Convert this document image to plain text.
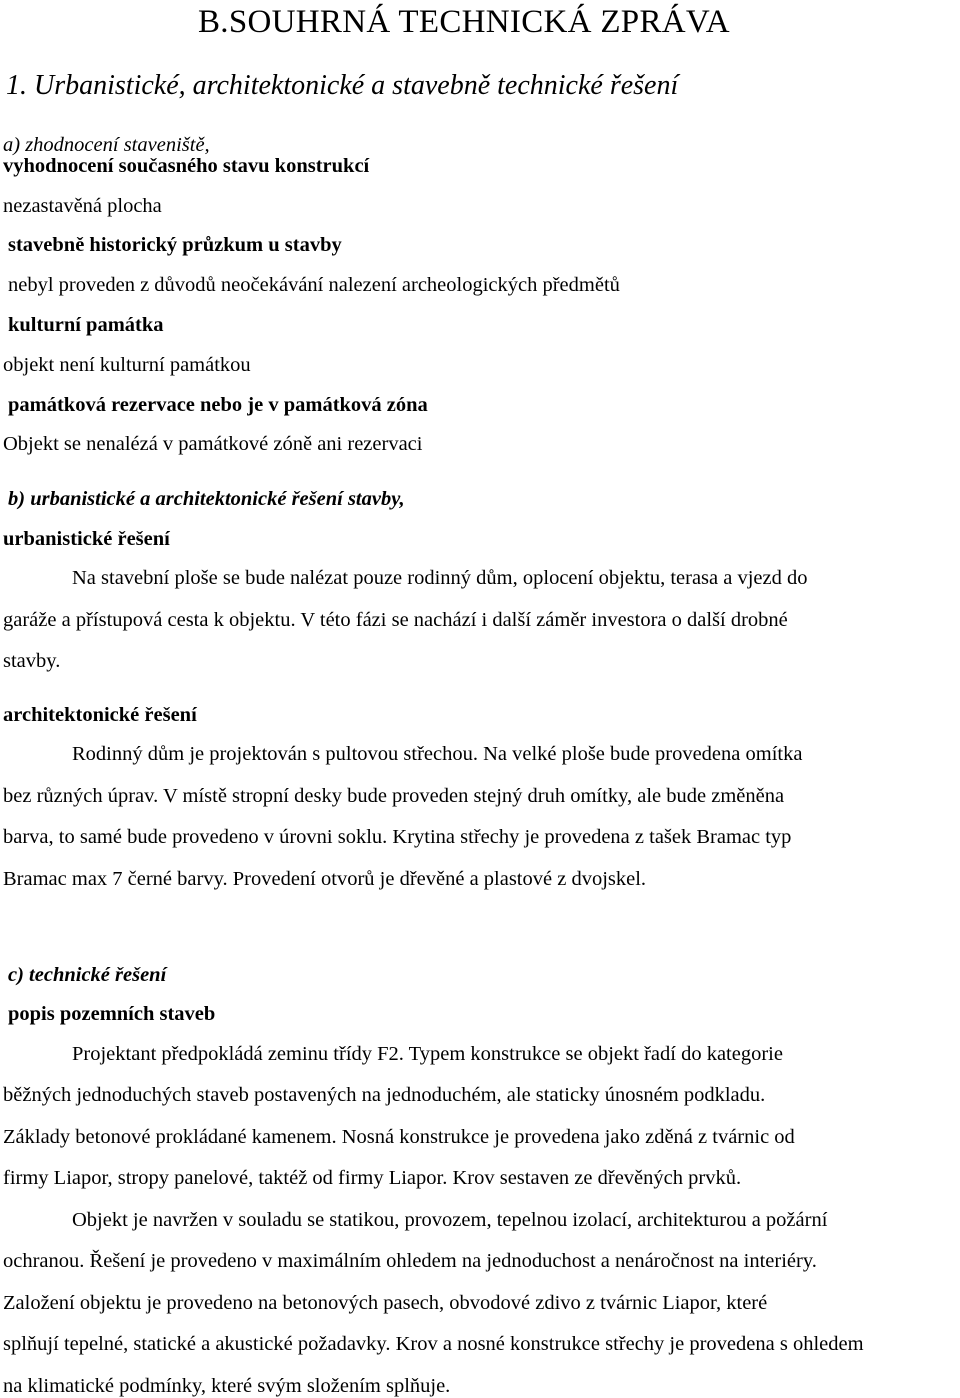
B.SOUHRNÁ TECHNICKÁ ZPRÁVA
1. Urbanistické, architektonické a stavebně technické řešení
a) zhodnocení staveniště,
vyhodnocení současného stavu konstrukcí
nezastavěná plocha
stavebně historický průzkum u stavby
nebyl proveden z důvodů neočekávání nalezení archeologických předmětů
kulturní památka
objekt není kulturní památkou
památková rezervace nebo je v památková zóna
Objekt se nenalézá v památkové zóně ani rezervaci
b) urbanistické a architektonické řešení stavby,
urbanistické řešení
Na stavební ploše se bude nalézat pouze rodinný dům, oplocení objektu, terasa a vjezd do
garáže a přístupová cesta k objektu. V této fázi se nachází i další záměr investora o další drobné
stavby.
architektonické řešení
Rodinný dům je projektován s pultovou střechou. Na velké ploše bude provedena omítka
bez různých úprav. V místě stropní desky bude proveden stejný druh omítky, ale bude změněna
barva, to samé bude provedeno v úrovni soklu. Krytina střechy je provedena z tašek Bramac typ
Bramac max 7 černé barvy. Provedení otvorů je dřevěné a plastové z dvojskel.
c) technické řešení
popis pozemních staveb
Projektant předpokládá zeminu třídy F2. Typem konstrukce se objekt řadí do kategorie
běžných jednoduchých staveb postavených na jednoduchém, ale staticky únosném podkladu.
Základy betonové prokládané kamenem. Nosná konstrukce je provedena jako zděná z tvárnic od
firmy Liapor, stropy panelové, taktéž od firmy Liapor. Krov sestaven ze dřevěných prvků.
Objekt je navržen v souladu se statikou, provozem, tepelnou izolací, architekturou a požární
ochranou. Řešení je provedeno v maximálním ohledem na jednoduchost a nenáročnost na interiéry.
Založení objektu je provedeno na betonových pasech, obvodové zdivo z tvárnic Liapor, které
splňují tepelné, statické a akustické požadavky. Krov a nosné konstrukce střechy je provedena s ohledem
na klimatické podmínky, které svým složením splňuje.
